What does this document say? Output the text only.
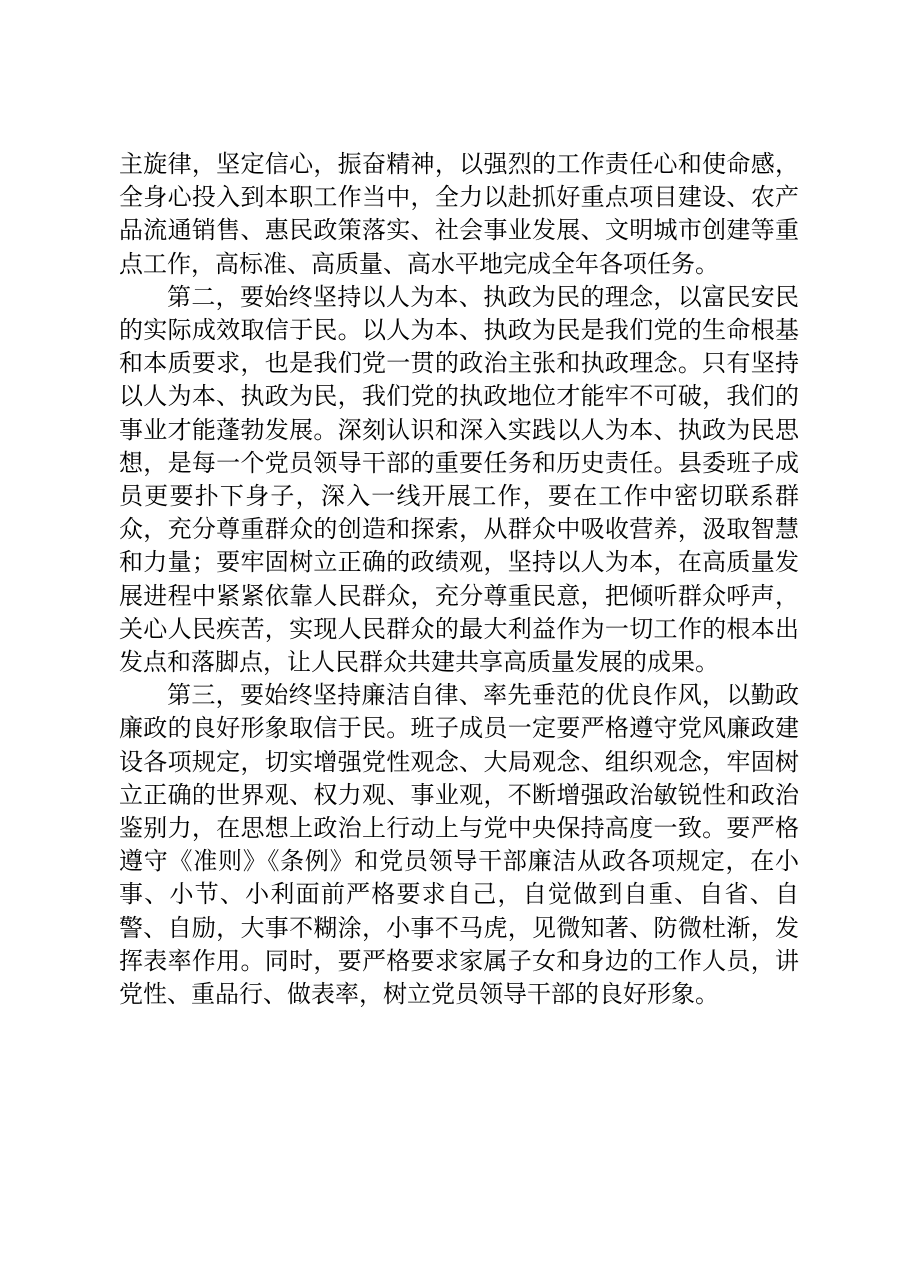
主旋律，坚定信心，振奋精神，以强烈的工作责任心和使命感，全身心投入到本职工作当中，全力以赴抓好重点项目建设、农产品流通销售、惠民政策落实、社会事业发展、文明城市创建等重点工作，高标准、高质量、高水平地完成全年各项任务。

第二，要始终坚持以人为本、执政为民的理念，以富民安民的实际成效取信于民。以人为本、执政为民是我们党的生命根基和本质要求，也是我们党一贯的政治主张和执政理念。只有坚持以人为本、执政为民，我们党的执政地位才能牢不可破，我们的事业才能蓬勃发展。深刻认识和深入实践以人为本、执政为民思想，是每一个党员领导干部的重要任务和历史责任。县委班子成员更要扑下身子，深入一线开展工作，要在工作中密切联系群众，充分尊重群众的创造和探索，从群众中吸收营养，汲取智慧和力量；要牢固树立正确的政绩观，坚持以人为本，在高质量发展进程中紧紧依靠人民群众，充分尊重民意，把倾听群众呼声，关心人民疾苦，实现人民群众的最大利益作为一切工作的根本出发点和落脚点，让人民群众共建共享高质量发展的成果。

第三，要始终坚持廉洁自律、率先垂范的优良作风，以勤政廉政的良好形象取信于民。班子成员一定要严格遵守党风廉政建设各项规定，切实增强党性观念、大局观念、组织观念，牢固树立正确的世界观、权力观、事业观，不断增强政治敏锐性和政治鉴别力，在思想上政治上行动上与党中央保持高度一致。要严格遵守《准则》《条例》和党员领导干部廉洁从政各项规定，在小事、小节、小利面前严格要求自己，自觉做到自重、自省、自警、自励，大事不糊涂，小事不马虎，见微知著、防微杜渐，发挥表率作用。同时，要严格要求家属子女和身边的工作人员，讲党性、重品行、做表率，树立党员领导干部的良好形象。
